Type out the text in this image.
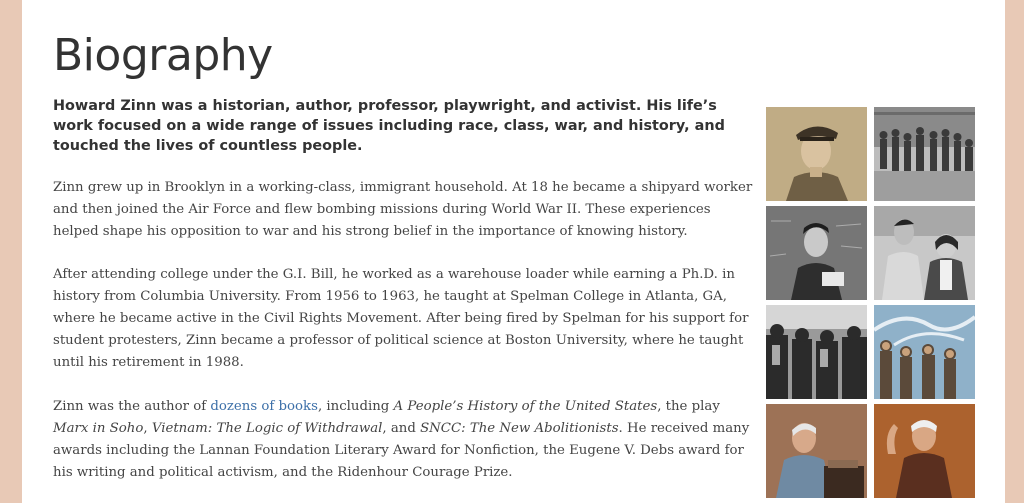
Biography

Howard Zinn was a historian, author, professor, playwright, and activist. His life’s work focused on a wide range of issues including race, class, war, and history, and touched the lives of countless people.

Zinn grew up in Brooklyn in a working-class, immigrant household. At 18 he became a shipyard worker and then joined the Air Force and flew bombing missions during World War II. These experiences helped shape his opposition to war and his strong belief in the importance of knowing history.

After attending college under the G.I. Bill, he worked as a warehouse loader while earning a Ph.D. in history from Columbia University. From 1956 to 1963, he taught at Spelman College in Atlanta, GA, where he became active in the Civil Rights Movement. After being fired by Spelman for his support for student protesters, Zinn became a professor of political science at Boston University, where he taught until his retirement in 1988.

Zinn was the author of dozens of books, including A People’s History of the United States, the play Marx in Soho, Vietnam: The Logic of Withdrawal, and SNCC: The New Abolitionists. He received many awards including the Lannan Foundation Literary Award for Nonfiction, the Eugene V. Debs award for his writing and political activism, and the Ridenhour Courage Prize.
